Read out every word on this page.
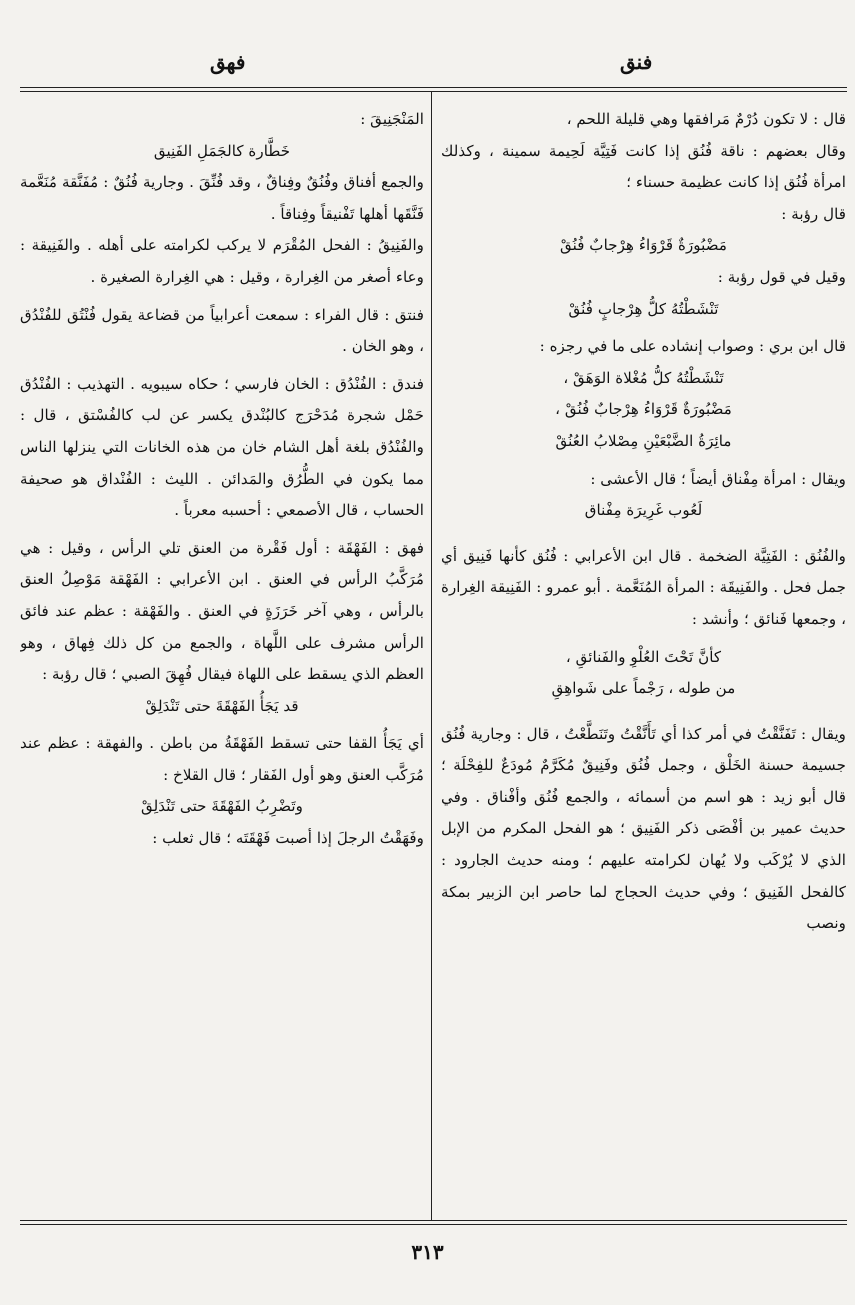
فنق
فهق

قال : لا تكون دُرْمٌ مَرافقها وهي قليلة اللحم ،

وقال بعضهم : ناقة فُنُق إذا كانت فَتِيَّة لَحِيمة سمينة ، وكذلك امرأة فُنُق إذا كانت عظيمة حسناء ؛

قال رؤبة :

مَضْبُورَةٌ قَرْوَاءُ هِرْجابٌ فُنُقْ

وقيل في قول رؤبة :

تَنْشَطْتُهُ كلُّ هِرْجابٍ فُنُقْ

قال ابن بري : وصواب إنشاده على ما في رجزه :

تَنْشَطْتُهُ كلُّ مُغْلاة الوَهَقْ ،

مَضْبُورَةٌ قَرْوَاءُ هِرْجابٌ فُنُقْ ،

مائِرَةُ الضَّبْعَيْنِ مِصْلابُ العُنُقْ

ويقال : امرأة مِفْناق أيضاً ؛ قال الأعشى :

لَعُوب غَرِيرَة مِفْناق

والفُنُق : الفَتِيَّة الضخمة . قال ابن الأعرابي : فُنُق كأنها فَنِيق أي جمل فحل . والفَنِيقَة : المرأة المُنَعَّمة . أبو عمرو : الفَنِيقة الغِرارة ، وجمعها فَنائق ؛ وأنشد :

كأنَّ تَحْتَ العُلْوِ والفَنائقِ ،

من طوله ، رَجْماً على شَواهِقِ

ويقال : تَفَنَّقْتُ في أمر كذا أي تَأَنَّقْتُ وتَنَطَّعْتُ ، قال : وجارية فُنُق جسيمة حسنة الخَلْق ، وجمل فُنُق وفَنِيقٌ مُكَرَّمٌ مُودَعٌ للفِحْلَة ؛ قال أبو زيد : هو اسم من أسمائه ، والجمع فُنُق وأفْناق . وفي حديث عمير بن أفْصَى ذكر الفَنِيق ؛ هو الفحل المكرم من الإبل الذي لا يُرْكَب ولا يُهان لكرامته عليهم ؛ ومنه حديث الجارود : كالفحل الفَنِيق ؛ وفي حديث الحجاج لما حاصر ابن الزبير بمكة ونصب

المَنْجَنِيقَ :

خَطَّارة كالجَمَلِ الفَنِيق

والجمع أفناق وفُنُقٌ وفِناقٌ ، وقد فُنِّقَ . وجارية فُنُقٌ : مُفَنَّقة مُنَعَّمة فَنَّقَها أهلها تَفْنيقاً وفِناقاً .

والفَنِيقُ : الفحل المُقْرَم لا يركب لكرامته على أهله . والفَنِيقة : وعاء أصغر من الغِرارة ، وقيل : هي الغِرارة الصغيرة .

فنتق : قال الفراء : سمعت أعرابياً من قضاعة يقول فُنْتُق للفُنْدُق ، وهو الخان .

فندق : الفُنْدُق : الخان فارسي ؛ حكاه سيبويه . التهذيب : الفُنْدُق حَمْل شجرة مُدَحْرَج كالبُنْدق يكسر عن لب كالفُسْتق ، قال : والفُنْدُق بلغة أهل الشام خان من هذه الخانات التي ينزلها الناس مما يكون في الطُّرُق والمَدائن . الليث : الفُنْداق هو صحيفة الحساب ، قال الأصمعي : أحسبه معرباً .

فهق : الفَهْقَة : أول فَقْرة من العنق تلي الرأس ، وقيل : هي مُرَكَّبُ الرأس في العنق . ابن الأعرابي : الفَهْقة مَوْصِلُ العنق بالرأس ، وهي آخر خَرَزَةٍ في العنق . والفَهْقة : عظم عند فائق الرأس مشرف على اللَّهاة ، والجمع من كل ذلك فِهاق ، وهو العظم الذي يسقط على اللهاة فيقال فُهِقَ الصبي ؛ قال رؤبة :

قد يَجَأُ الفَهْقَةَ حتى تَنْدَلِقْ

أي يَجَأُ القفا حتى تسقط الفَهْقَةُ من باطن . والفهقة : عظم عند مُرَكَّب العنق وهو أول الفَقار ؛ قال القلاخ :

وتَضْرِبُ الفَهْقَةَ حتى تَنْدَلِقْ

وفَهَقْتُ الرجلَ إذا أصبت فَهْقَتَه ؛ قال ثعلب :

٣١٣
